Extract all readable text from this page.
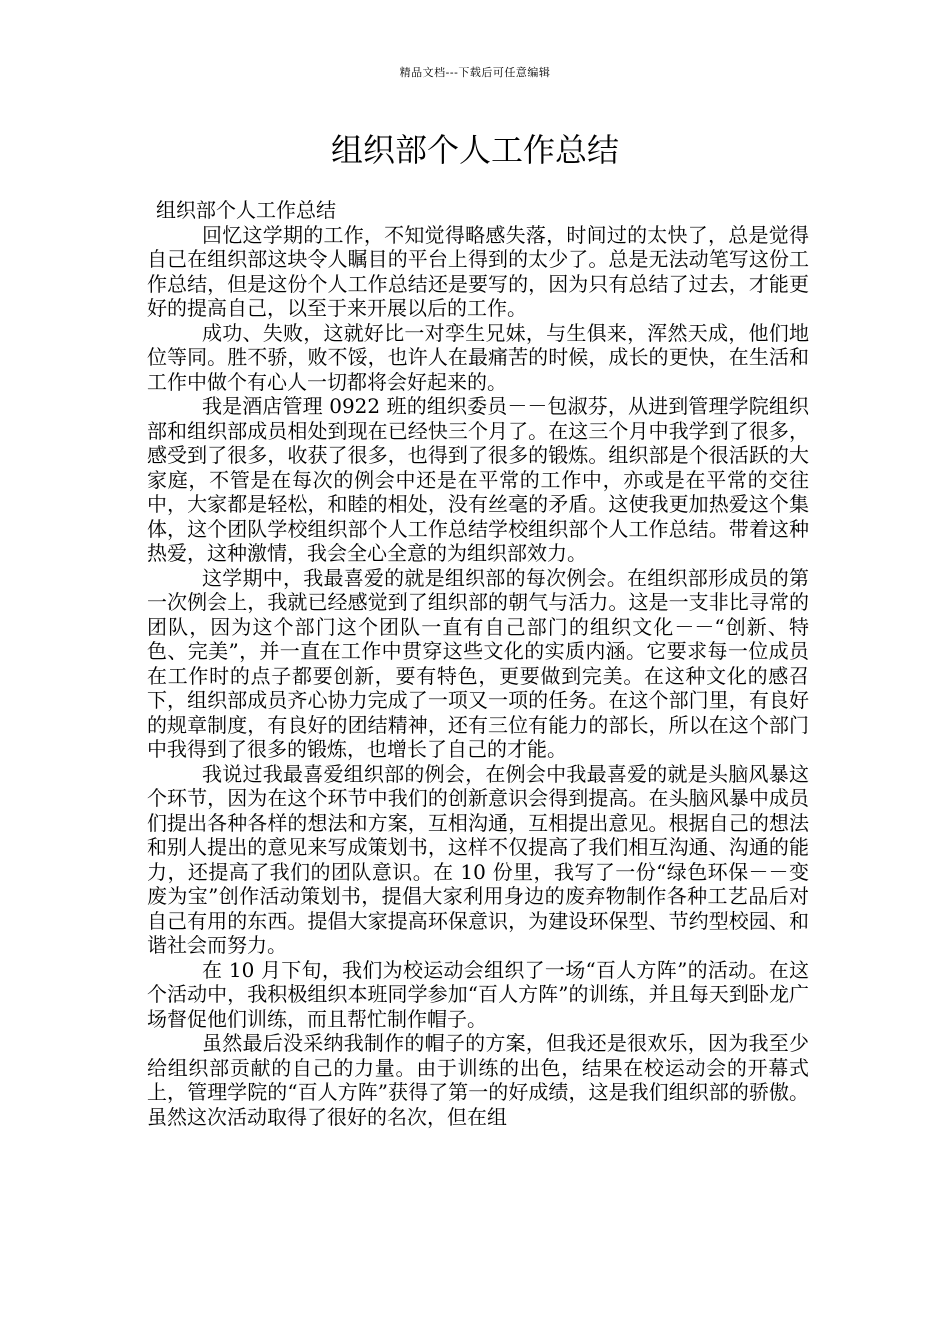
精品文档---下载后可任意编辑
组织部个人工作总结

组织部个人工作总结

回忆这学期的工作，不知觉得略感失落，时间过的太快了，总是觉得自己在组织部这块令人瞩目的平台上得到的太少了。总是无法动笔写这份工作总结，但是这份个人工作总结还是要写的，因为只有总结了过去，才能更好的提高自己，以至于来开展以后的工作。

成功、失败，这就好比一对孪生兄妹，与生俱来，浑然天成，他们地位等同。胜不骄，败不馁，也许人在最痛苦的时候，成长的更快，在生活和工作中做个有心人一切都将会好起来的。

我是酒店管理 0922 班的组织委员－－包淑芬，从进到管理学院组织部和组织部成员相处到现在已经快三个月了。在这三个月中我学到了很多，感受到了很多，收获了很多，也得到了很多的锻炼。组织部是个很活跃的大家庭，不管是在每次的例会中还是在平常的工作中，亦或是在平常的交往中，大家都是轻松，和睦的相处，没有丝毫的矛盾。这使我更加热爱这个集体，这个团队学校组织部个人工作总结学校组织部个人工作总结。带着这种热爱，这种激情，我会全心全意的为组织部效力。

这学期中，我最喜爱的就是组织部的每次例会。在组织部形成员的第一次例会上，我就已经感觉到了组织部的朝气与活力。这是一支非比寻常的团队，因为这个部门这个团队一直有自己部门的组织文化－－“创新、特色、完美”，并一直在工作中贯穿这些文化的实质内涵。它要求每一位成员在工作时的点子都要创新，要有特色，更要做到完美。在这种文化的感召下，组织部成员齐心协力完成了一项又一项的任务。在这个部门里，有良好的规章制度，有良好的团结精神，还有三位有能力的部长，所以在这个部门中我得到了很多的锻炼，也增长了自己的才能。

我说过我最喜爱组织部的例会，在例会中我最喜爱的就是头脑风暴这个环节，因为在这个环节中我们的创新意识会得到提高。在头脑风暴中成员们提出各种各样的想法和方案，互相沟通，互相提出意见。根据自己的想法和别人提出的意见来写成策划书，这样不仅提高了我们相互沟通、沟通的能力，还提高了我们的团队意识。在 10 份里，我写了一份“绿色环保－－变废为宝”创作活动策划书，提倡大家利用身边的废弃物制作各种工艺品后对自己有用的东西。提倡大家提高环保意识，为建设环保型、节约型校园、和谐社会而努力。

在 10 月下旬，我们为校运动会组织了一场“百人方阵”的活动。在这个活动中，我积极组织本班同学参加“百人方阵”的训练，并且每天到卧龙广场督促他们训练，而且帮忙制作帽子。

虽然最后没采纳我制作的帽子的方案，但我还是很欢乐，因为我至少给组织部贡献的自己的力量。由于训练的出色，结果在校运动会的开幕式上，管理学院的“百人方阵”获得了第一的好成绩，这是我们组织部的骄傲。虽然这次活动取得了很好的名次，但在组
